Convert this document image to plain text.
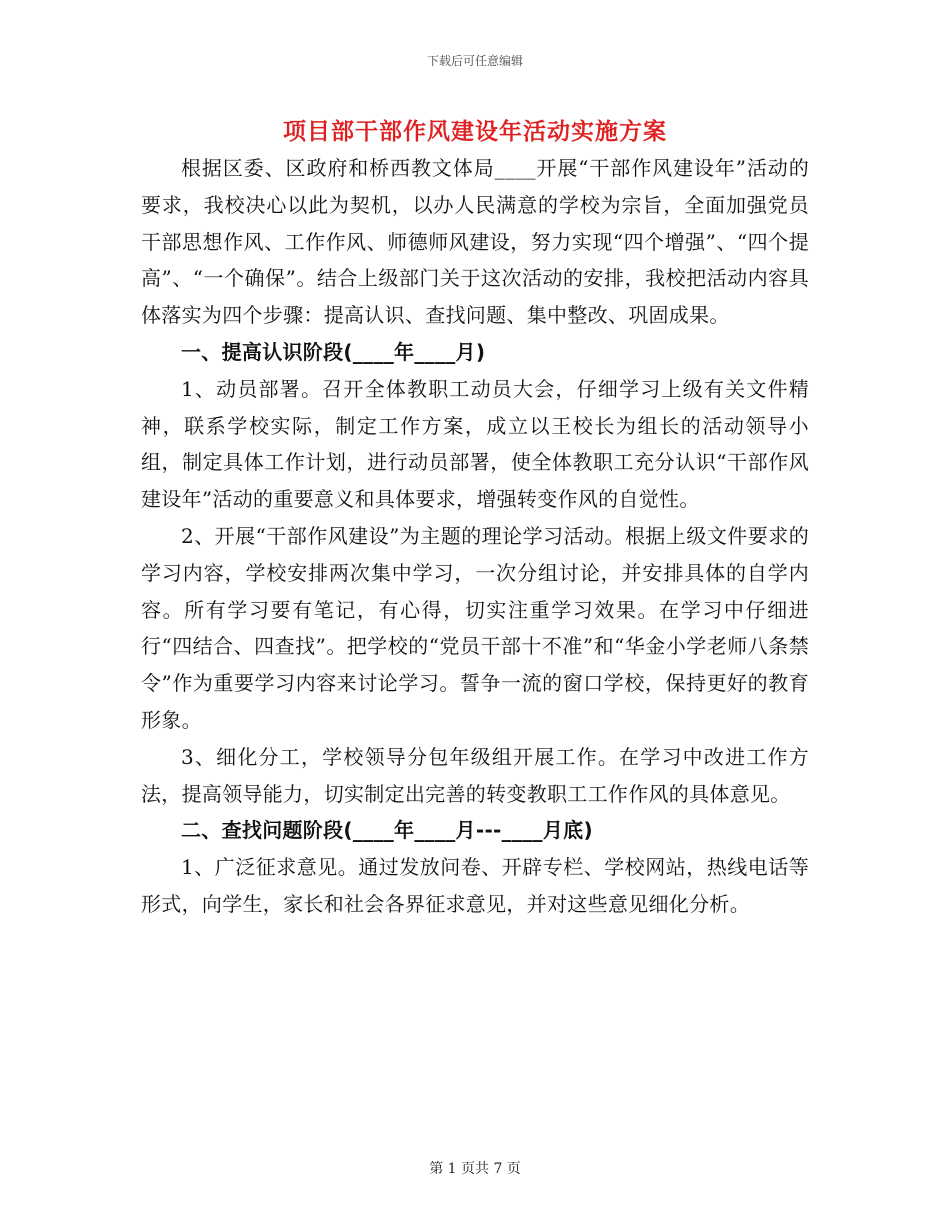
下载后可任意编辑
项目部干部作风建设年活动实施方案

根据区委、区政府和桥西教文体局____开展“干部作风建设年”活动的要求，我校决心以此为契机，以办人民满意的学校为宗旨，全面加强党员干部思想作风、工作作风、师德师风建设，努力实现“四个增强”、“四个提高”、“一个确保”。结合上级部门关于这次活动的安排，我校把活动内容具体落实为四个步骤：提高认识、查找问题、集中整改、巩固成果。

一、提高认识阶段(____年____月)

1、动员部署。召开全体教职工动员大会，仔细学习上级有关文件精神，联系学校实际，制定工作方案，成立以王校长为组长的活动领导小组，制定具体工作计划，进行动员部署，使全体教职工充分认识“干部作风建设年”活动的重要意义和具体要求，增强转变作风的自觉性。

2、开展“干部作风建设”为主题的理论学习活动。根据上级文件要求的学习内容，学校安排两次集中学习，一次分组讨论，并安排具体的自学内容。所有学习要有笔记，有心得，切实注重学习效果。在学习中仔细进行“四结合、四查找”。把学校的“党员干部十不准”和“华金小学老师八条禁令”作为重要学习内容来讨论学习。誓争一流的窗口学校，保持更好的教育形象。

3、细化分工，学校领导分包年级组开展工作。在学习中改进工作方法，提高领导能力，切实制定出完善的转变教职工工作作风的具体意见。

二、查找问题阶段(____年____月---____月底)

1、广泛征求意见。通过发放问卷、开辟专栏、学校网站，热线电话等形式，向学生，家长和社会各界征求意见，并对这些意见细化分析。

第 1 页共 7 页
